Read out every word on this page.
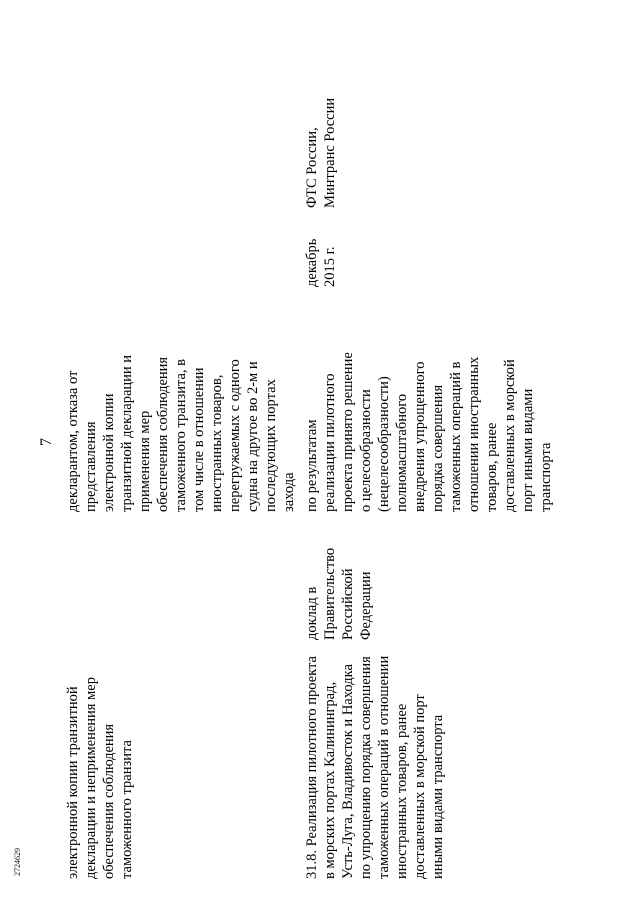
7
электронной копии транзитной декларации и неприменения мер обеспечения соблюдения таможенного транзита
декларантом, отказа от представления электронной копии транзитной декларации и применения мер обеспечения соблюдения таможенного транзита, в том числе в отношении иностранных товаров, перегружаемых с одного судна на другое во 2-м и последующих портах захода
31.8. Реализация пилотного проекта в морских портах Калининград, Усть-Луга, Владивосток и Находка по упрощению порядка совершения таможенных операций в отношении иностранных товаров, ранее доставленных в морской порт иными видами транспорта
доклад в Правительство Российской Федерации
по результатам реализации пилотного проекта принято решение о целесообразности (нецелесообразности) полномасштабного внедрения упрощенного порядка совершения таможенных операций в отношении иностранных товаров, ранее доставленных в морской порт иными видами транспорта
декабрь 2015 г.
ФТС России, Минтранс России
2724629
